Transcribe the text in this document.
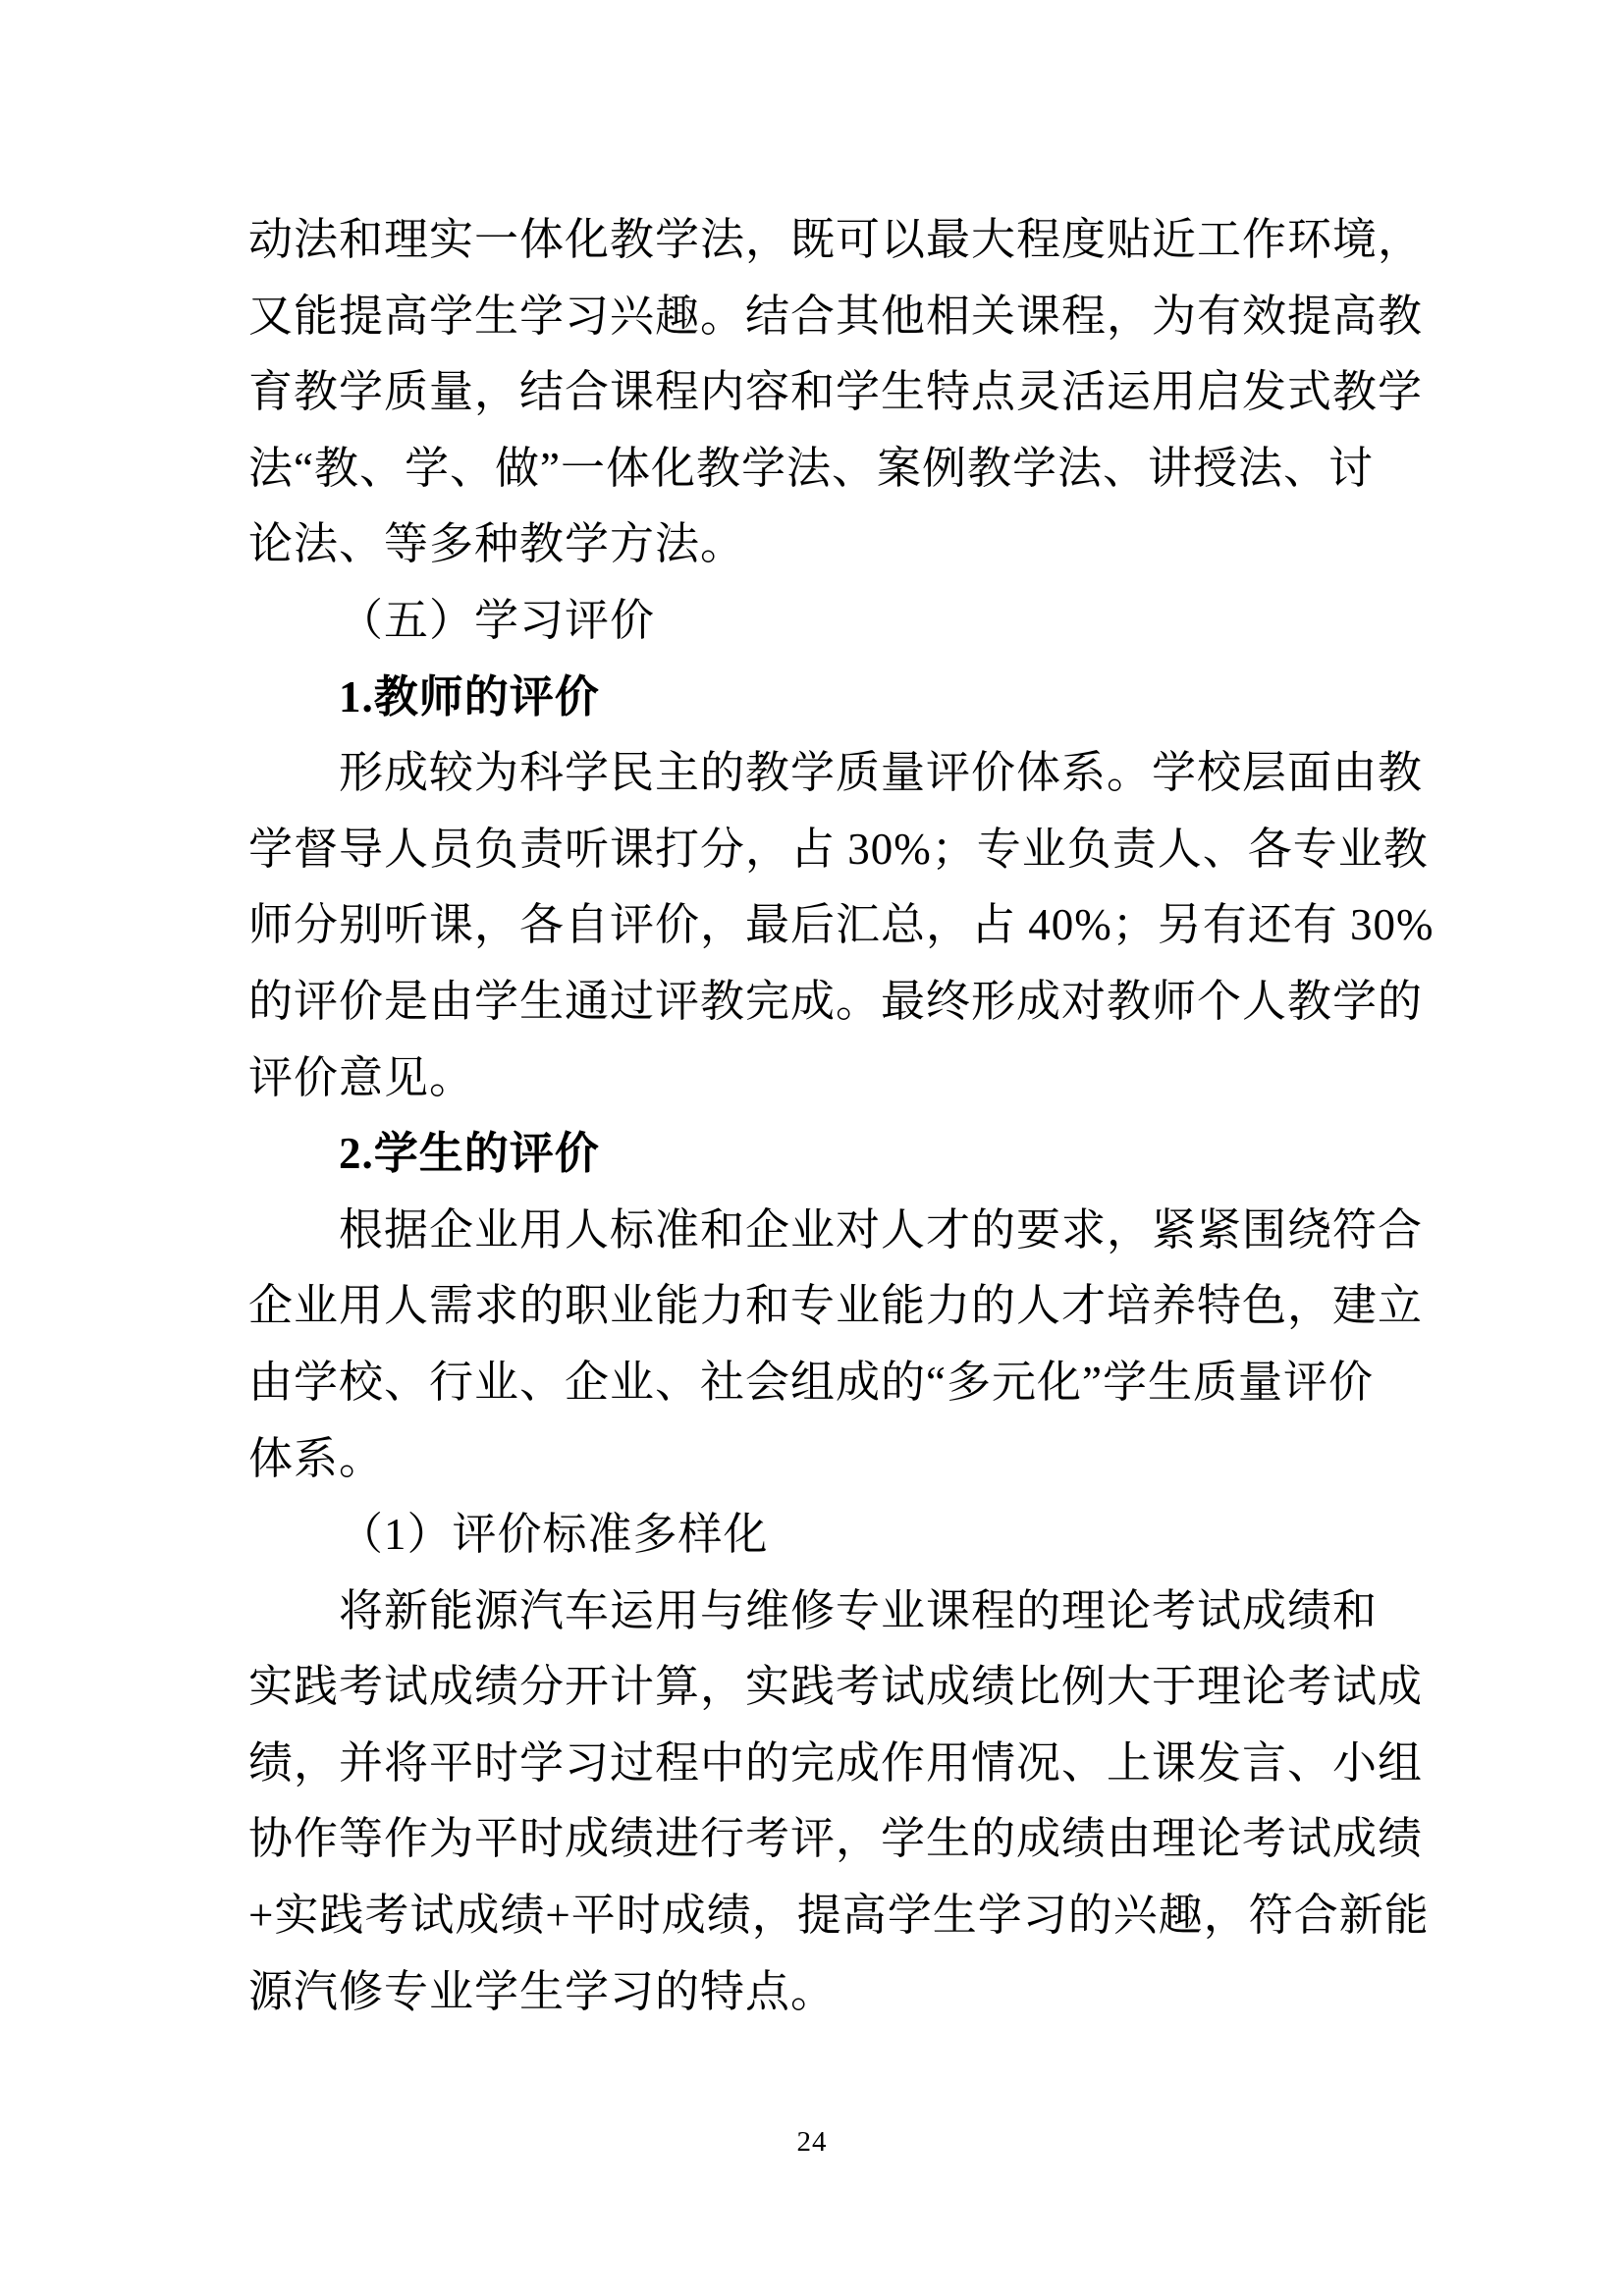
动法和理实一体化教学法，既可以最大程度贴近工作环境，
又能提高学生学习兴趣。结合其他相关课程，为有效提高教
育教学质量，结合课程内容和学生特点灵活运用启发式教学
法“教、学、做”一体化教学法、案例教学法、讲授法、讨
论法、等多种教学方法。
（五）学习评价
1.教师的评价
形成较为科学民主的教学质量评价体系。学校层面由教
学督导人员负责听课打分，占 30%；专业负责人、各专业教
师分别听课，各自评价，最后汇总，占 40%；另有还有 30%
的评价是由学生通过评教完成。最终形成对教师个人教学的
评价意见。
2.学生的评价
根据企业用人标准和企业对人才的要求，紧紧围绕符合
企业用人需求的职业能力和专业能力的人才培养特色，建立
由学校、行业、企业、社会组成的“多元化”学生质量评价
体系。
（1）评价标准多样化
将新能源汽车运用与维修专业课程的理论考试成绩和
实践考试成绩分开计算，实践考试成绩比例大于理论考试成
绩，并将平时学习过程中的完成作用情况、上课发言、小组
协作等作为平时成绩进行考评，学生的成绩由理论考试成绩
+实践考试成绩+平时成绩，提高学生学习的兴趣，符合新能
源汽修专业学生学习的特点。
24
